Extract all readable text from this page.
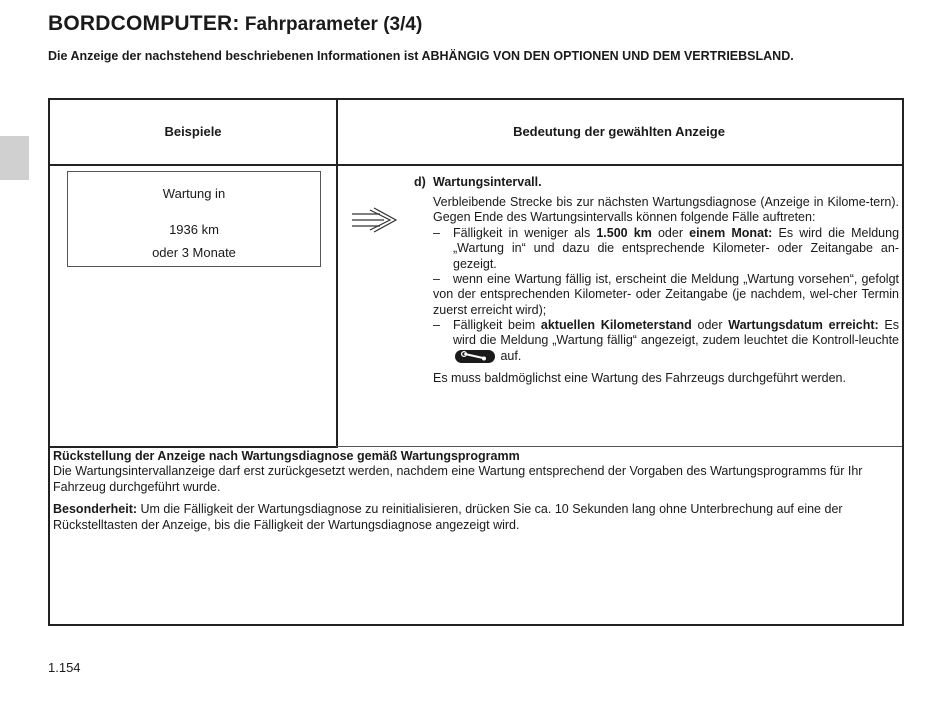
BORDCOMPUTER: Fahrparameter (3/4)
Die Anzeige der nachstehend beschriebenen Informationen ist ABHÄNGIG VON DEN OPTIONEN UND DEM VERTRIEBSLAND.
Beispiele	Bedeutung der gewählten Anzeige
Wartung in
1936 km
oder 3 Monate
d) Wartungsintervall.
Verbleibende Strecke bis zur nächsten Wartungsdiagnose (Anzeige in Kilome-tern). Gegen Ende des Wartungsintervalls können folgende Fälle auftreten:
– Fälligkeit in weniger als 1.500 km oder einem Monat: Es wird die Meldung „Wartung in“ und dazu die entsprechende Kilometer- oder Zeitangabe an-gezeigt.
–	wenn eine Wartung fällig ist, erscheint die Meldung „Wartung vorsehen“, gefolgt von der entsprechenden Kilometer- oder Zeitangabe (je nachdem, wel-cher Termin zuerst erreicht wird);
– Fälligkeit beim aktuellen Kilometerstand oder Wartungsdatum erreicht: Es wird die Meldung „Wartung fällig“ angezeigt, zudem leuchtet die Kontroll-leuchte  auf.
Es muss baldmöglichst eine Wartung des Fahrzeugs durchgeführt werden.
Rückstellung der Anzeige nach Wartungsdiagnose gemäß Wartungsprogramm
Die Wartungsintervallanzeige darf erst zurückgesetzt werden, nachdem eine Wartung entsprechend der Vorgaben des Wartungsprogramms für Ihr Fahrzeug durchgeführt wurde.
Besonderheit: Um die Fälligkeit der Wartungsdiagnose zu reinitialisieren, drücken Sie ca. 10 Sekunden lang ohne Unterbrechung auf eine der Rückstelltasten der Anzeige, bis die Fälligkeit der Wartungsdiagnose angezeigt wird.
1.154
